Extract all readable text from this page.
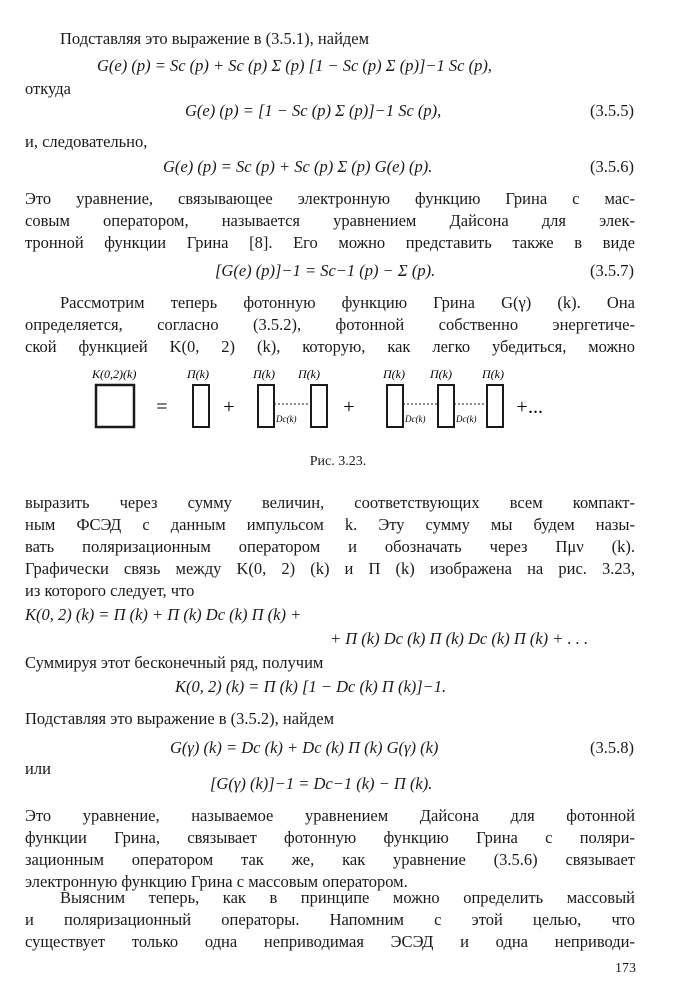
Подставляя это выражение в (3.5.1), найдем
G(e) (p) = Sc (p) + Sc (p) Σ (p) [1 − Sc (p) Σ (p)]−1 Sc (p),
откуда
G(e) (p) = [1 − Sc (p) Σ (p)]−1 Sc (p),	(3.5.5)
и, следовательно,
G(e) (p) = Sc (p) + Sc (p) Σ (p) G(e) (p).	(3.5.6)
Это уравнение, связывающее электронную функцию Грина с мас-
совым оператором, называется уравнением Дайсона для элек-
тронной функции Грина [8]. Его можно представить также в виде
[G(e) (p)]−1 = Sc−1 (p) − Σ (p).	(3.5.7)
Рассмотрим теперь фотонную функцию Грина G(γ) (k). Она
определяется, согласно (3.5.2), фотонной собственно энергетиче-
ской функцией K(0, 2) (k), которую, как легко убедиться, можно
K(0,2)(k)
=
Π(k)
+
Π(k) Π(k)
Dc(k)
+
Π(k) Π(k)	Π(k)
Dc(k)	Dc(k)
+...
Рис. 3.23.
выразить через сумму величин, соответствующих всем компакт-
ным ФСЭД с данным импульсом k. Эту сумму мы будем назы-
вать поляризационным оператором и обозначать через Πμν (k).
Графически связь между K(0, 2) (k) и Π (k) изображена на рис. 3.23,
из которого следует, что
K(0, 2) (k) = Π (k) + Π (k) Dc (k) Π (k) +
+ Π (k) Dc (k) Π (k) Dc (k) Π (k) + . . .
Суммируя этот бесконечный ряд, получим
K(0, 2) (k) = Π (k) [1 − Dc (k) Π (k)]−1.
Подставляя это выражение в (3.5.2), найдем
G(γ) (k) = Dc (k) + Dc (k) Π (k) G(γ) (k)	(3.5.8)
или
[G(γ) (k)]−1 = Dc−1 (k) − Π (k).
Это уравнение, называемое уравнением Дайсона для фотонной
функции Грина, связывает фотонную функцию Грина с поляри-
зационным оператором так же, как уравнение (3.5.6) связывает
электронную функцию Грина с массовым оператором.
Выясним теперь, как в принципе можно определить массовый
и поляризационный операторы. Напомним с этой целью, что
существует только одна неприводимая ЭСЭД и одна неприводи-
173
